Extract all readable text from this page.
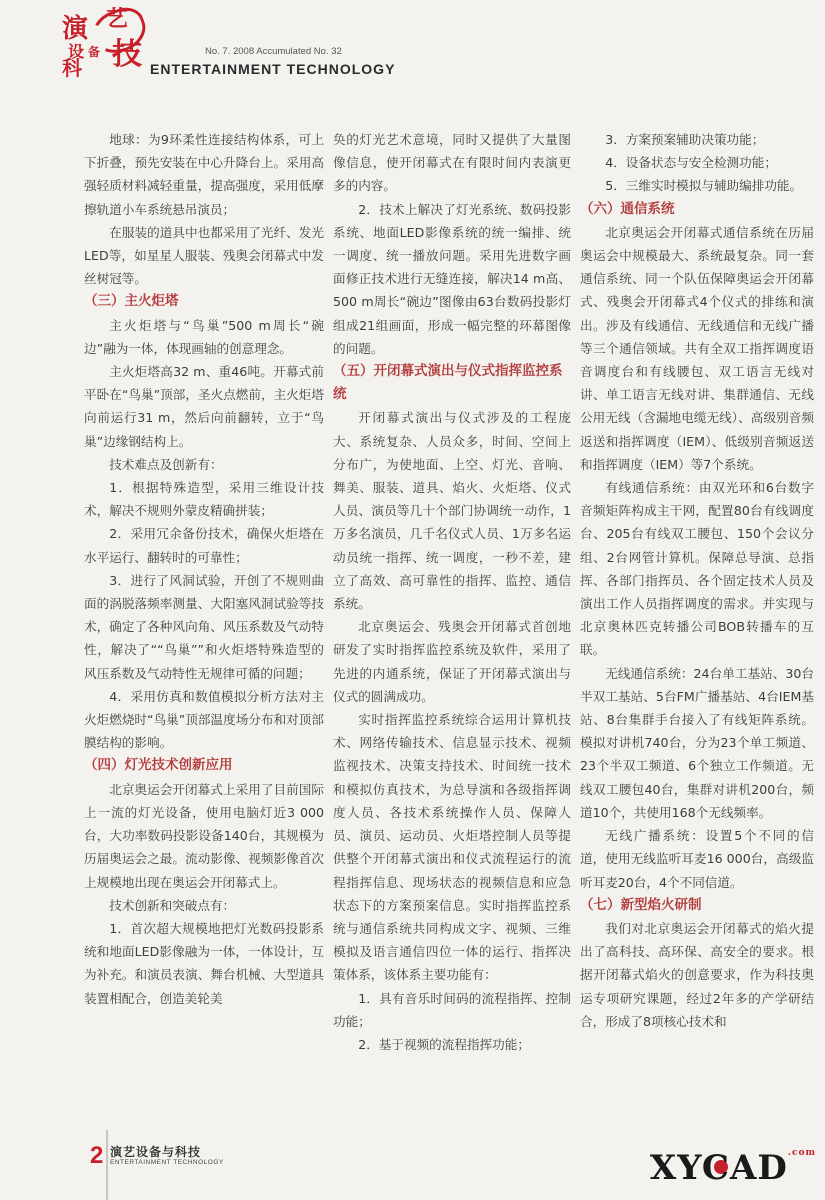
演 艺
设 备
科 技	No. 7. 2008 Accumulated No. 32
ENTERTAINMENT TECHNOLOGY

地球：为9环柔性连接结构体系，可上下折叠，预先安装在中心升降台上。采用高强轻质材料减轻重量，提高强度，采用低摩擦轨道小车系统悬吊演员；

在服装的道具中也都采用了光纤、发光LED等，如星星人服装、残奥会闭幕式中发丝树冠等。

（三）主火炬塔

主火炬塔与“鸟巢”500 m周长“碗边”融为一体，体现画轴的创意理念。

主火炬塔高32 m、重46吨。开幕式前平卧在“鸟巢”顶部，圣火点燃前，主火炬塔向前运行31 m，然后向前翻转，立于“鸟巢”边缘钢结构上。

技术难点及创新有：

1．根据特殊造型，采用三维设计技术，解决不规则外蒙皮精确拼装；

2．采用冗余备份技术，确保火炬塔在水平运行、翻转时的可靠性；

3．进行了风洞试验，开创了不规则曲面的涡脱落频率测量、大阳塞风洞试验等技术，确定了各种风向角、风压系数及气动特性，解决了““鸟巢””和火炬塔特殊造型的风压系数及气动特性无规律可循的问题；

4．采用仿真和数值模拟分析方法对主火炬燃烧时“鸟巢”顶部温度场分布和对顶部膜结构的影响。

（四）灯光技术创新应用

北京奥运会开闭幕式上采用了目前国际上一流的灯光设备，使用电脑灯近3 000台，大功率数码投影设备140台，其规模为历届奥运会之最。流动影像、视频影像首次上规模地出现在奥运会开闭幕式上。

技术创新和突破点有：

1．首次超大规模地把灯光数码投影系统和地面LED影像融为一体，一体设计，互为补充。和演员表演、舞台机械、大型道具装置相配合，创造美轮美

奂的灯光艺术意境，同时又提供了大量图像信息，使开闭幕式在有限时间内表演更多的内容。

2．技术上解决了灯光系统、数码投影系统、地面LED影像系统的统一编排、统一调度、统一播放问题。采用先进数字画面修正技术进行无缝连接，解决14 m高、500 m周长“碗边”图像由63台数码投影灯组成21组画面，形成一幅完整的环幕图像的问题。

（五）开闭幕式演出与仪式指挥监控系统

开闭幕式演出与仪式涉及的工程庞大、系统复杂、人员众多，时间、空间上分布广，为使地面、上空、灯光、音响、舞美、服装、道具、焰火、火炬塔、仪式人员、演员等几十个部门协调统一动作，1万多名演员，几千名仪式人员、1万多名运动员统一指挥、统一调度，一秒不差，建立了高效、高可靠性的指挥、监控、通信系统。

北京奥运会、残奥会开闭幕式首创地研发了实时指挥监控系统及软件，采用了先进的内通系统，保证了开闭幕式演出与仪式的圆满成功。

实时指挥监控系统综合运用计算机技术、网络传输技术、信息显示技术、视频监视技术、决策支持技术、时间统一技术和模拟仿真技术，为总导演和各级指挥调度人员、各技术系统操作人员、保障人员、演员、运动员、火炬塔控制人员等提供整个开闭幕式演出和仪式流程运行的流程指挥信息、现场状态的视频信息和应急状态下的方案预案信息。实时指挥监控系统与通信系统共同构成文字、视频、三维模拟及语言通信四位一体的运行、指挥决策体系，该体系主要功能有：

1．具有音乐时间码的流程指挥、控制功能；

2．基于视频的流程指挥功能；

3．方案预案辅助决策功能；

4．设备状态与安全检测功能；

5．三维实时模拟与辅助编排功能。

（六）通信系统

北京奥运会开闭幕式通信系统在历届奥运会中规模最大、系统最复杂。同一套通信系统、同一个队伍保障奥运会开闭幕式、残奥会开闭幕式4个仪式的排练和演出。涉及有线通信、无线通信和无线广播等三个通信领域。共有全双工指挥调度语音调度台和有线腰包、双工语言无线对讲、单工语言无线对讲、集群通信、无线公用无线（含漏地电缆无线）、高级别音频返送和指挥调度（IEM）、低级别音频返送和指挥调度（IEM）等7个系统。

有线通信系统：由双光环和6台数字音频矩阵构成主干网，配置80台有线调度台、205台有线双工腰包、150个会议分组、2台网管计算机。保障总导演、总指挥、各部门指挥员、各个固定技术人员及演出工作人员指挥调度的需求。并实现与北京奥林匹克转播公司BOB转播车的互联。

无线通信系统：24台单工基站、30台半双工基站、5台FM广播基站、4台IEM基站、8台集群手台接入了有线矩阵系统。模拟对讲机740台，分为23个单工频道、23个半双工频道、6个独立工作频道。无线双工腰包40台，集群对讲机200台，频道10个，共使用168个无线频率。

无线广播系统：设置5个不同的信道，使用无线监听耳麦16 000台，高级监听耳麦20台，4个不同信道。

（七）新型焰火研制

我们对北京奥运会开闭幕式的焰火提出了高科技、高环保、高安全的要求。根据开闭幕式焰火的创意要求，作为科技奥运专项研究课题，经过2年多的产学研结合，形成了8项核心技术和

2 演艺设备与科技
ENTERTAINMENT TECHNOLOGY	$XYCAD^{.com}$
